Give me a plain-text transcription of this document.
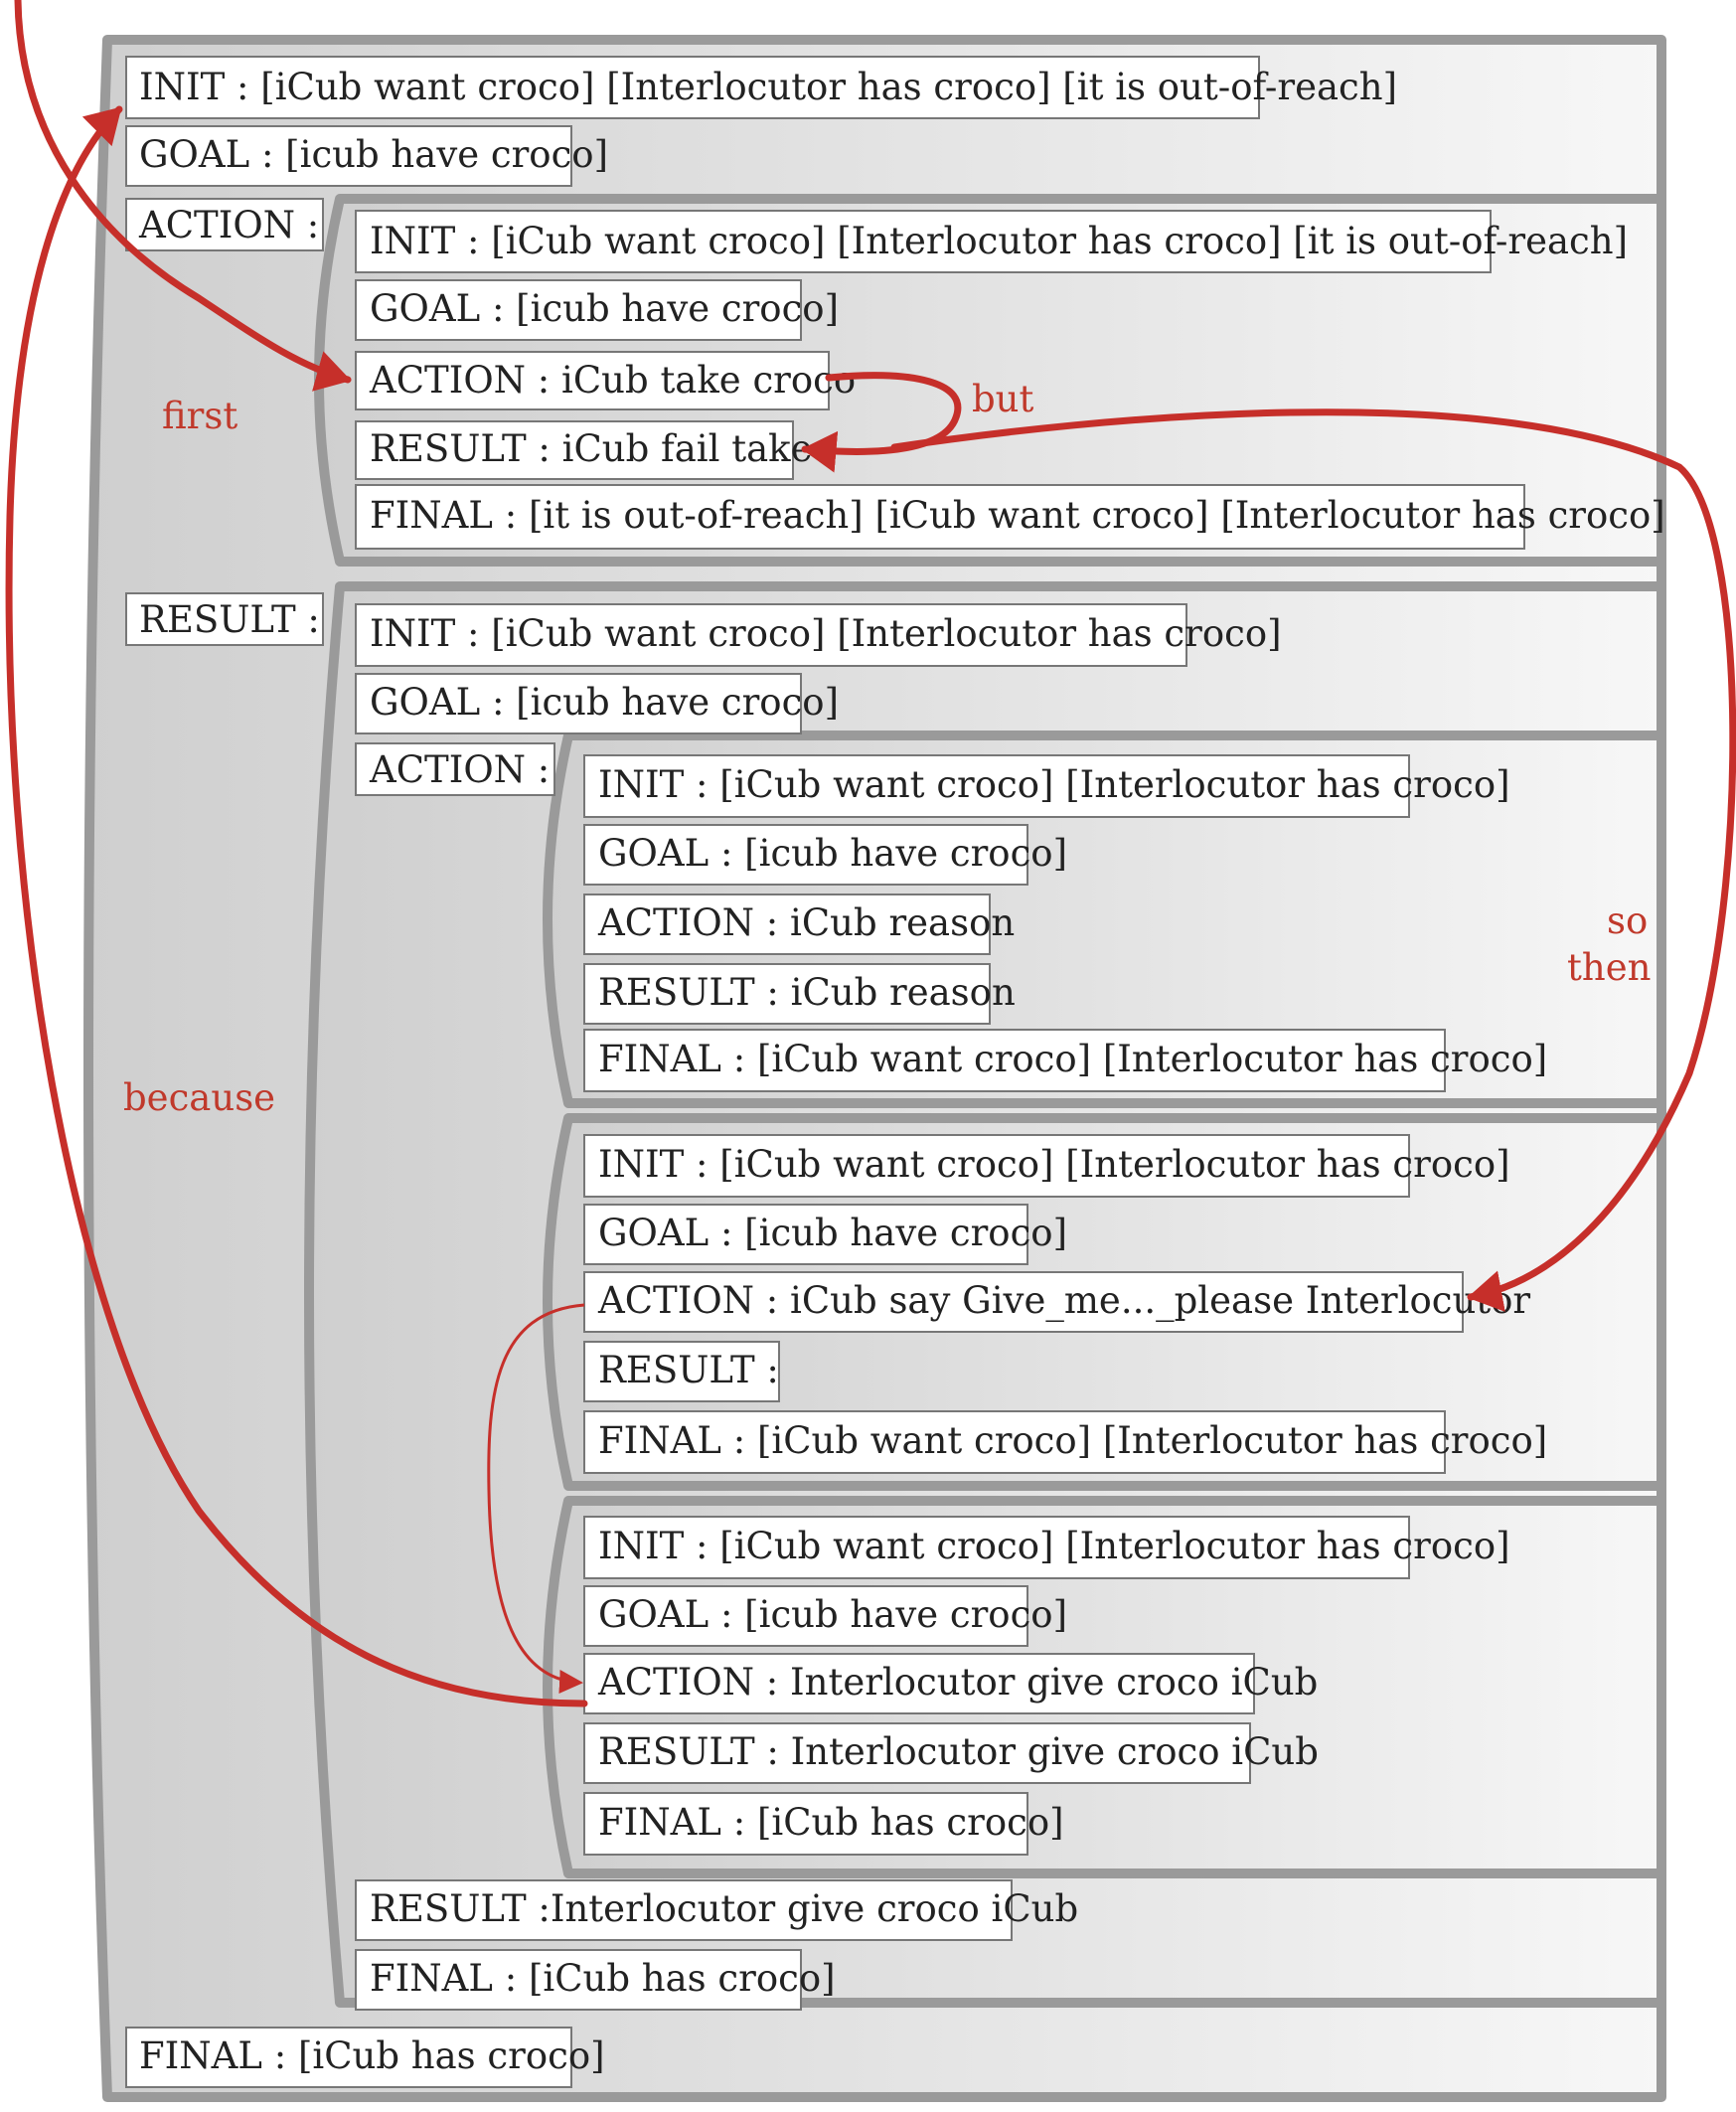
INIT : [iCub want croco] [Interlocutor has croco] [it is out-of-reach]
GOAL : [icub have croco]
ACTION :
RESULT :
FINAL : [iCub has croco]
INIT : [iCub want croco] [Interlocutor has croco] [it is out-of-reach]
GOAL : [icub have croco]
ACTION : iCub take croco
RESULT : iCub fail take
FINAL : [it is out-of-reach] [iCub want croco] [Interlocutor has croco]
INIT : [iCub want croco] [Interlocutor has croco]
GOAL : [icub have croco]
ACTION :
RESULT :Interlocutor give croco iCub
FINAL : [iCub has croco]
INIT : [iCub want croco] [Interlocutor has croco]
GOAL : [icub have croco]
ACTION : iCub reason
RESULT : iCub reason
FINAL : [iCub want croco] [Interlocutor has croco]
INIT : [iCub want croco] [Interlocutor has croco]
GOAL : [icub have croco]
ACTION : iCub say Give_me..._please Interlocutor
RESULT :
FINAL : [iCub want croco] [Interlocutor has croco]
INIT : [iCub want croco] [Interlocutor has croco]
GOAL : [icub have croco]
ACTION : Interlocutor give croco iCub
RESULT : Interlocutor give croco iCub
FINAL : [iCub has croco]
first	but
so
then
because
